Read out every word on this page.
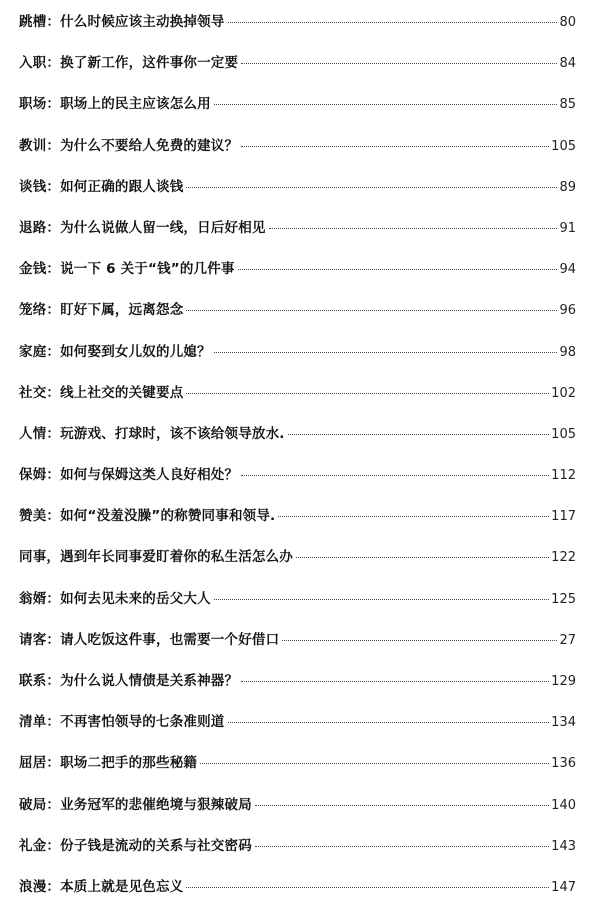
跳槽：什么时候应该主动换掉领导	80
入职：换了新工作，这件事你一定要	84
职场：职场上的民主应该怎么用	85
教训：为什么不要给人免费的建议？	105
谈钱：如何正确的跟人谈钱	89
退路：为什么说做人留一线，日后好相见	91
金钱：说一下 6 关于“钱”的几件事	94
笼络：盯好下属，远离怨念	96
家庭：如何娶到女儿奴的儿媳？	98
社交：线上社交的关键要点	102
人情：玩游戏、打球时，该不该给领导放水.	105
保姆：如何与保姆这类人良好相处？	112
赞美：如何“没羞没臊”的称赞同事和领导.	117
同事，遇到年长同事爱盯着你的私生活怎么办	122
翁婿：如何去见未来的岳父大人	125
请客：请人吃饭这件事，也需要一个好借口	27
联系：为什么说人情债是关系神器？	129
清单：不再害怕领导的七条准则道	134
屈居：职场二把手的那些秘籍	136
破局：业务冠军的悲催绝境与狠辣破局	140
礼金：份子钱是流动的关系与社交密码	143
浪漫：本质上就是见色忘义	147
